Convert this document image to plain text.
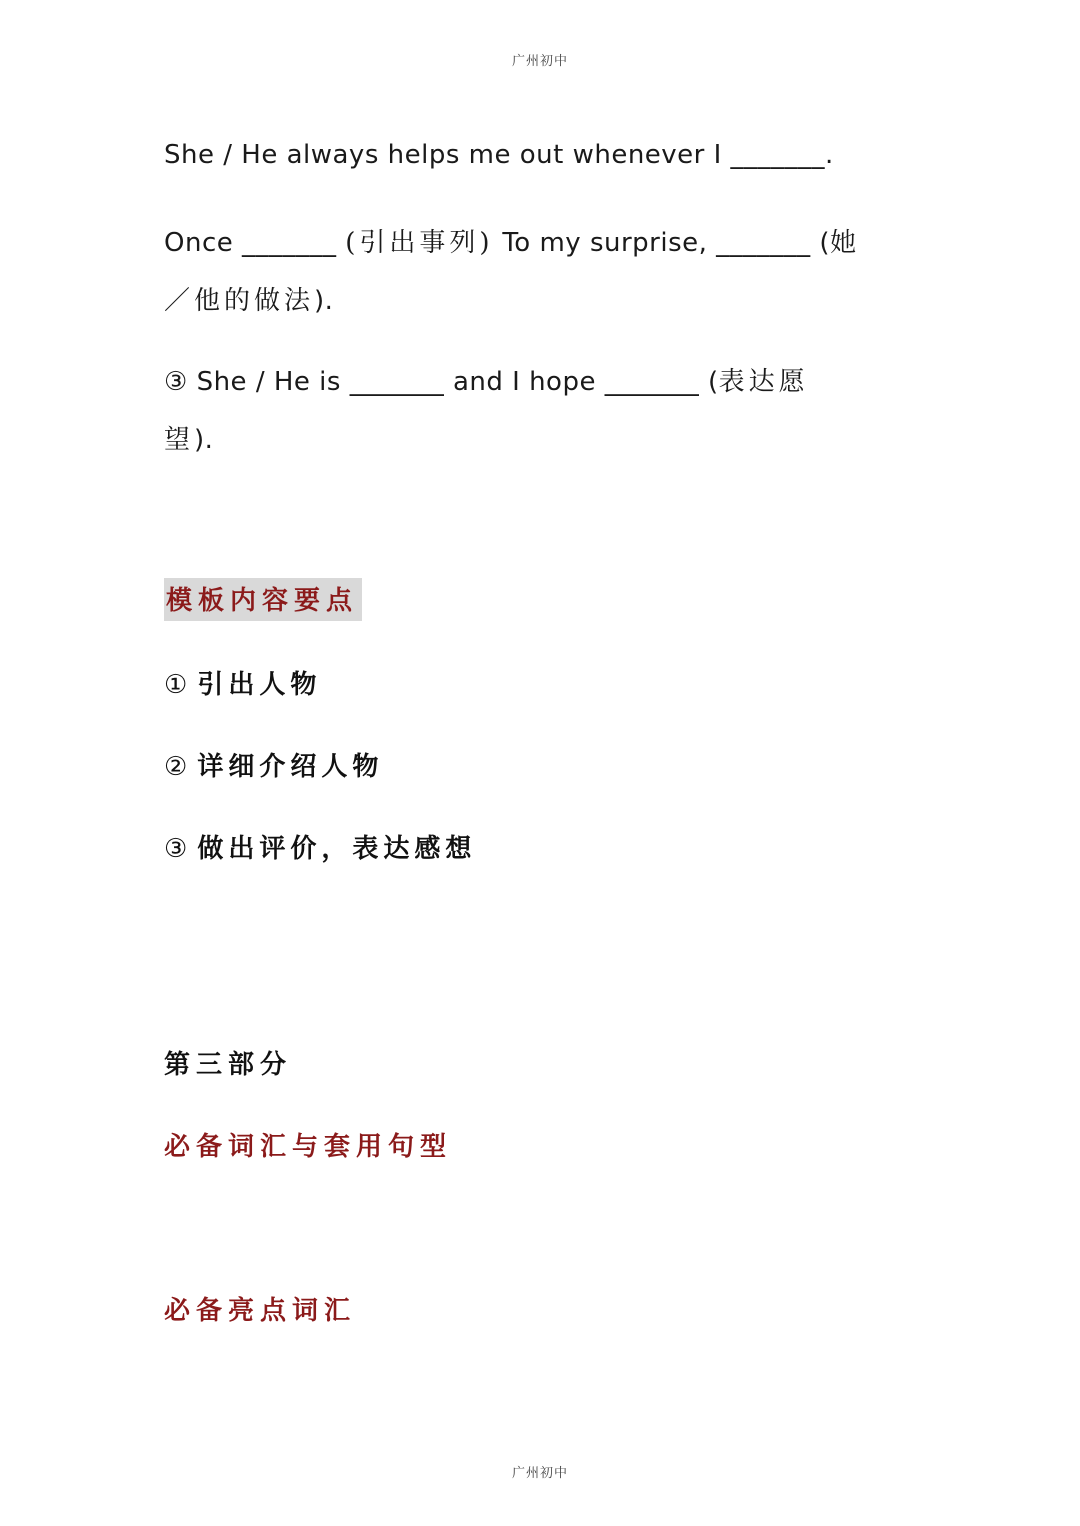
广州初中
She / He always helps me out whenever I _______.
Once _______ (引出事列) To my surprise, _______ (她
／他的做法).
③ She / He is _______ and I hope _______ (表达愿
望).
模板内容要点
① 引出人物
② 详细介绍人物
③ 做出评价，表达感想
第三部分
必备词汇与套用句型
必备亮点词汇
广州初中
